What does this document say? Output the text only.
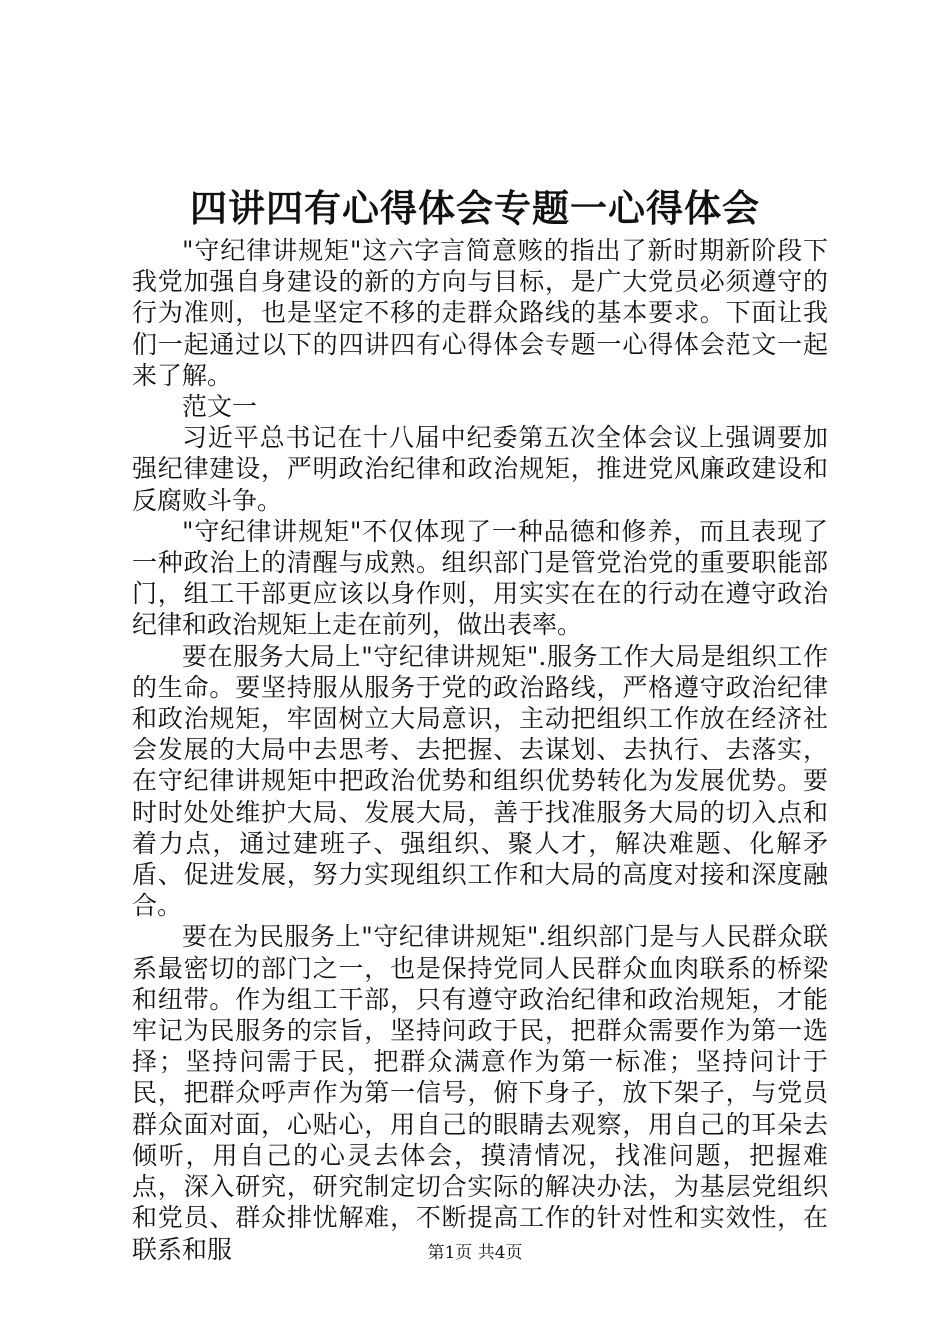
四讲四有心得体会专题一心得体会

"守纪律讲规矩"这六字言简意赅的指出了新时期新阶段下我党加强自身建设的新的方向与目标，是广大党员必须遵守的行为准则，也是坚定不移的走群众路线的基本要求。下面让我们一起通过以下的四讲四有心得体会专题一心得体会范文一起来了解。

范文一

习近平总书记在十八届中纪委第五次全体会议上强调要加强纪律建设，严明政治纪律和政治规矩，推进党风廉政建设和反腐败斗争。

"守纪律讲规矩"不仅体现了一种品德和修养，而且表现了一种政治上的清醒与成熟。组织部门是管党治党的重要职能部门，组工干部更应该以身作则，用实实在在的行动在遵守政治纪律和政治规矩上走在前列，做出表率。

要在服务大局上"守纪律讲规矩".服务工作大局是组织工作的生命。要坚持服从服务于党的政治路线，严格遵守政治纪律和政治规矩，牢固树立大局意识，主动把组织工作放在经济社会发展的大局中去思考、去把握、去谋划、去执行、去落实，在守纪律讲规矩中把政治优势和组织优势转化为发展优势。要时时处处维护大局、发展大局，善于找准服务大局的切入点和着力点，通过建班子、强组织、聚人才，解决难题、化解矛盾、促进发展，努力实现组织工作和大局的高度对接和深度融合。

要在为民服务上"守纪律讲规矩".组织部门是与人民群众联系最密切的部门之一，也是保持党同人民群众血肉联系的桥梁和纽带。作为组工干部，只有遵守政治纪律和政治规矩，才能牢记为民服务的宗旨，坚持问政于民，把群众需要作为第一选择；坚持问需于民，把群众满意作为第一标准；坚持问计于民，把群众呼声作为第一信号，俯下身子，放下架子，与党员群众面对面，心贴心，用自己的眼睛去观察，用自己的耳朵去倾听，用自己的心灵去体会，摸清情况，找准问题，把握难点，深入研究，研究制定切合实际的解决办法，为基层党组织和党员、群众排忧解难，不断提高工作的针对性和实效性，在联系和服	第1页 共4页
